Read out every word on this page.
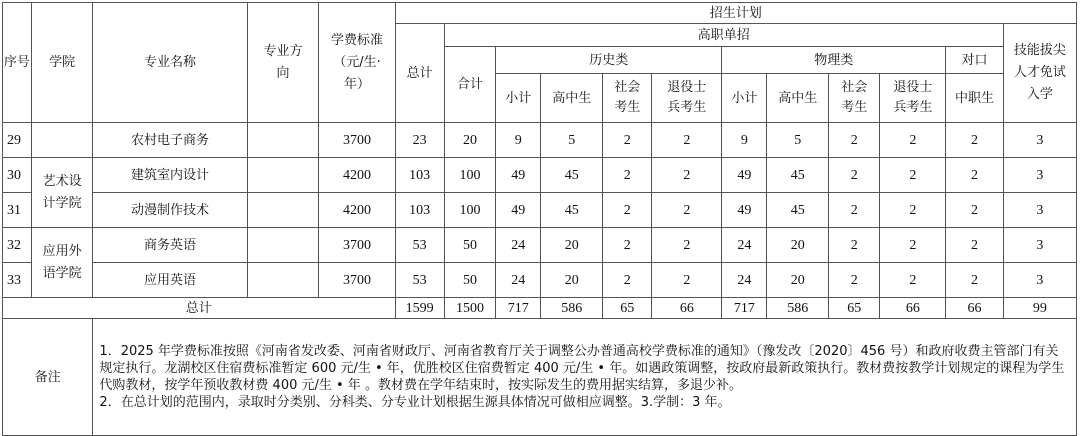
序号	学院	专业名称	专业方向	学费标准（元/生·年）	招生计划											
					总计	高职单招										技能拔尖人才免试入学
						合计	历史类				物理类				对口	
							小计	高中生	社会考生	退役士兵考生	小计	高中生	社会考生	退役士兵考生	中职生	
29		农村电子商务		3700	23	20	9	5	2	2	9	5	2	2	2	3
30	艺术设计学院	建筑室内设计		4200	103	100	49	45	2	2	49	45	2	2	2	3
31		动漫制作技术		4200	103	100	49	45	2	2	49	45	2	2	2	3
32	应用外语学院	商务英语		3700	53	50	24	20	2	2	24	20	2	2	2	3
33		应用英语		3700	53	50	24	20	2	2	24	20	2	2	2	3
总计					1599	1500	717	586	65	66	717	586	65	66	66	99
备注		1．2025 年学费标准按照《河南省发改委、河南省财政厅、河南省教育厅关于调整公办普通高校学费标准的通知》（豫发改〔2020〕456 号）和政府收费主管部门有关规定执行。龙湖校区住宿费标准暂定 600 元/生 • 年，优胜校区住宿费暂定 400 元/生 • 年。如遇政策调整，按政府最新政策执行。教材费按教学计划规定的课程为学生代购教材，按学年预收教材费 400 元/生 • 年 。教材费在学年结束时，按实际发生的费用据实结算，多退少补。
2．在总计划的范围内，录取时分类别、分科类、分专业计划根据生源具体情况可做相应调整。3.学制：3 年。														
